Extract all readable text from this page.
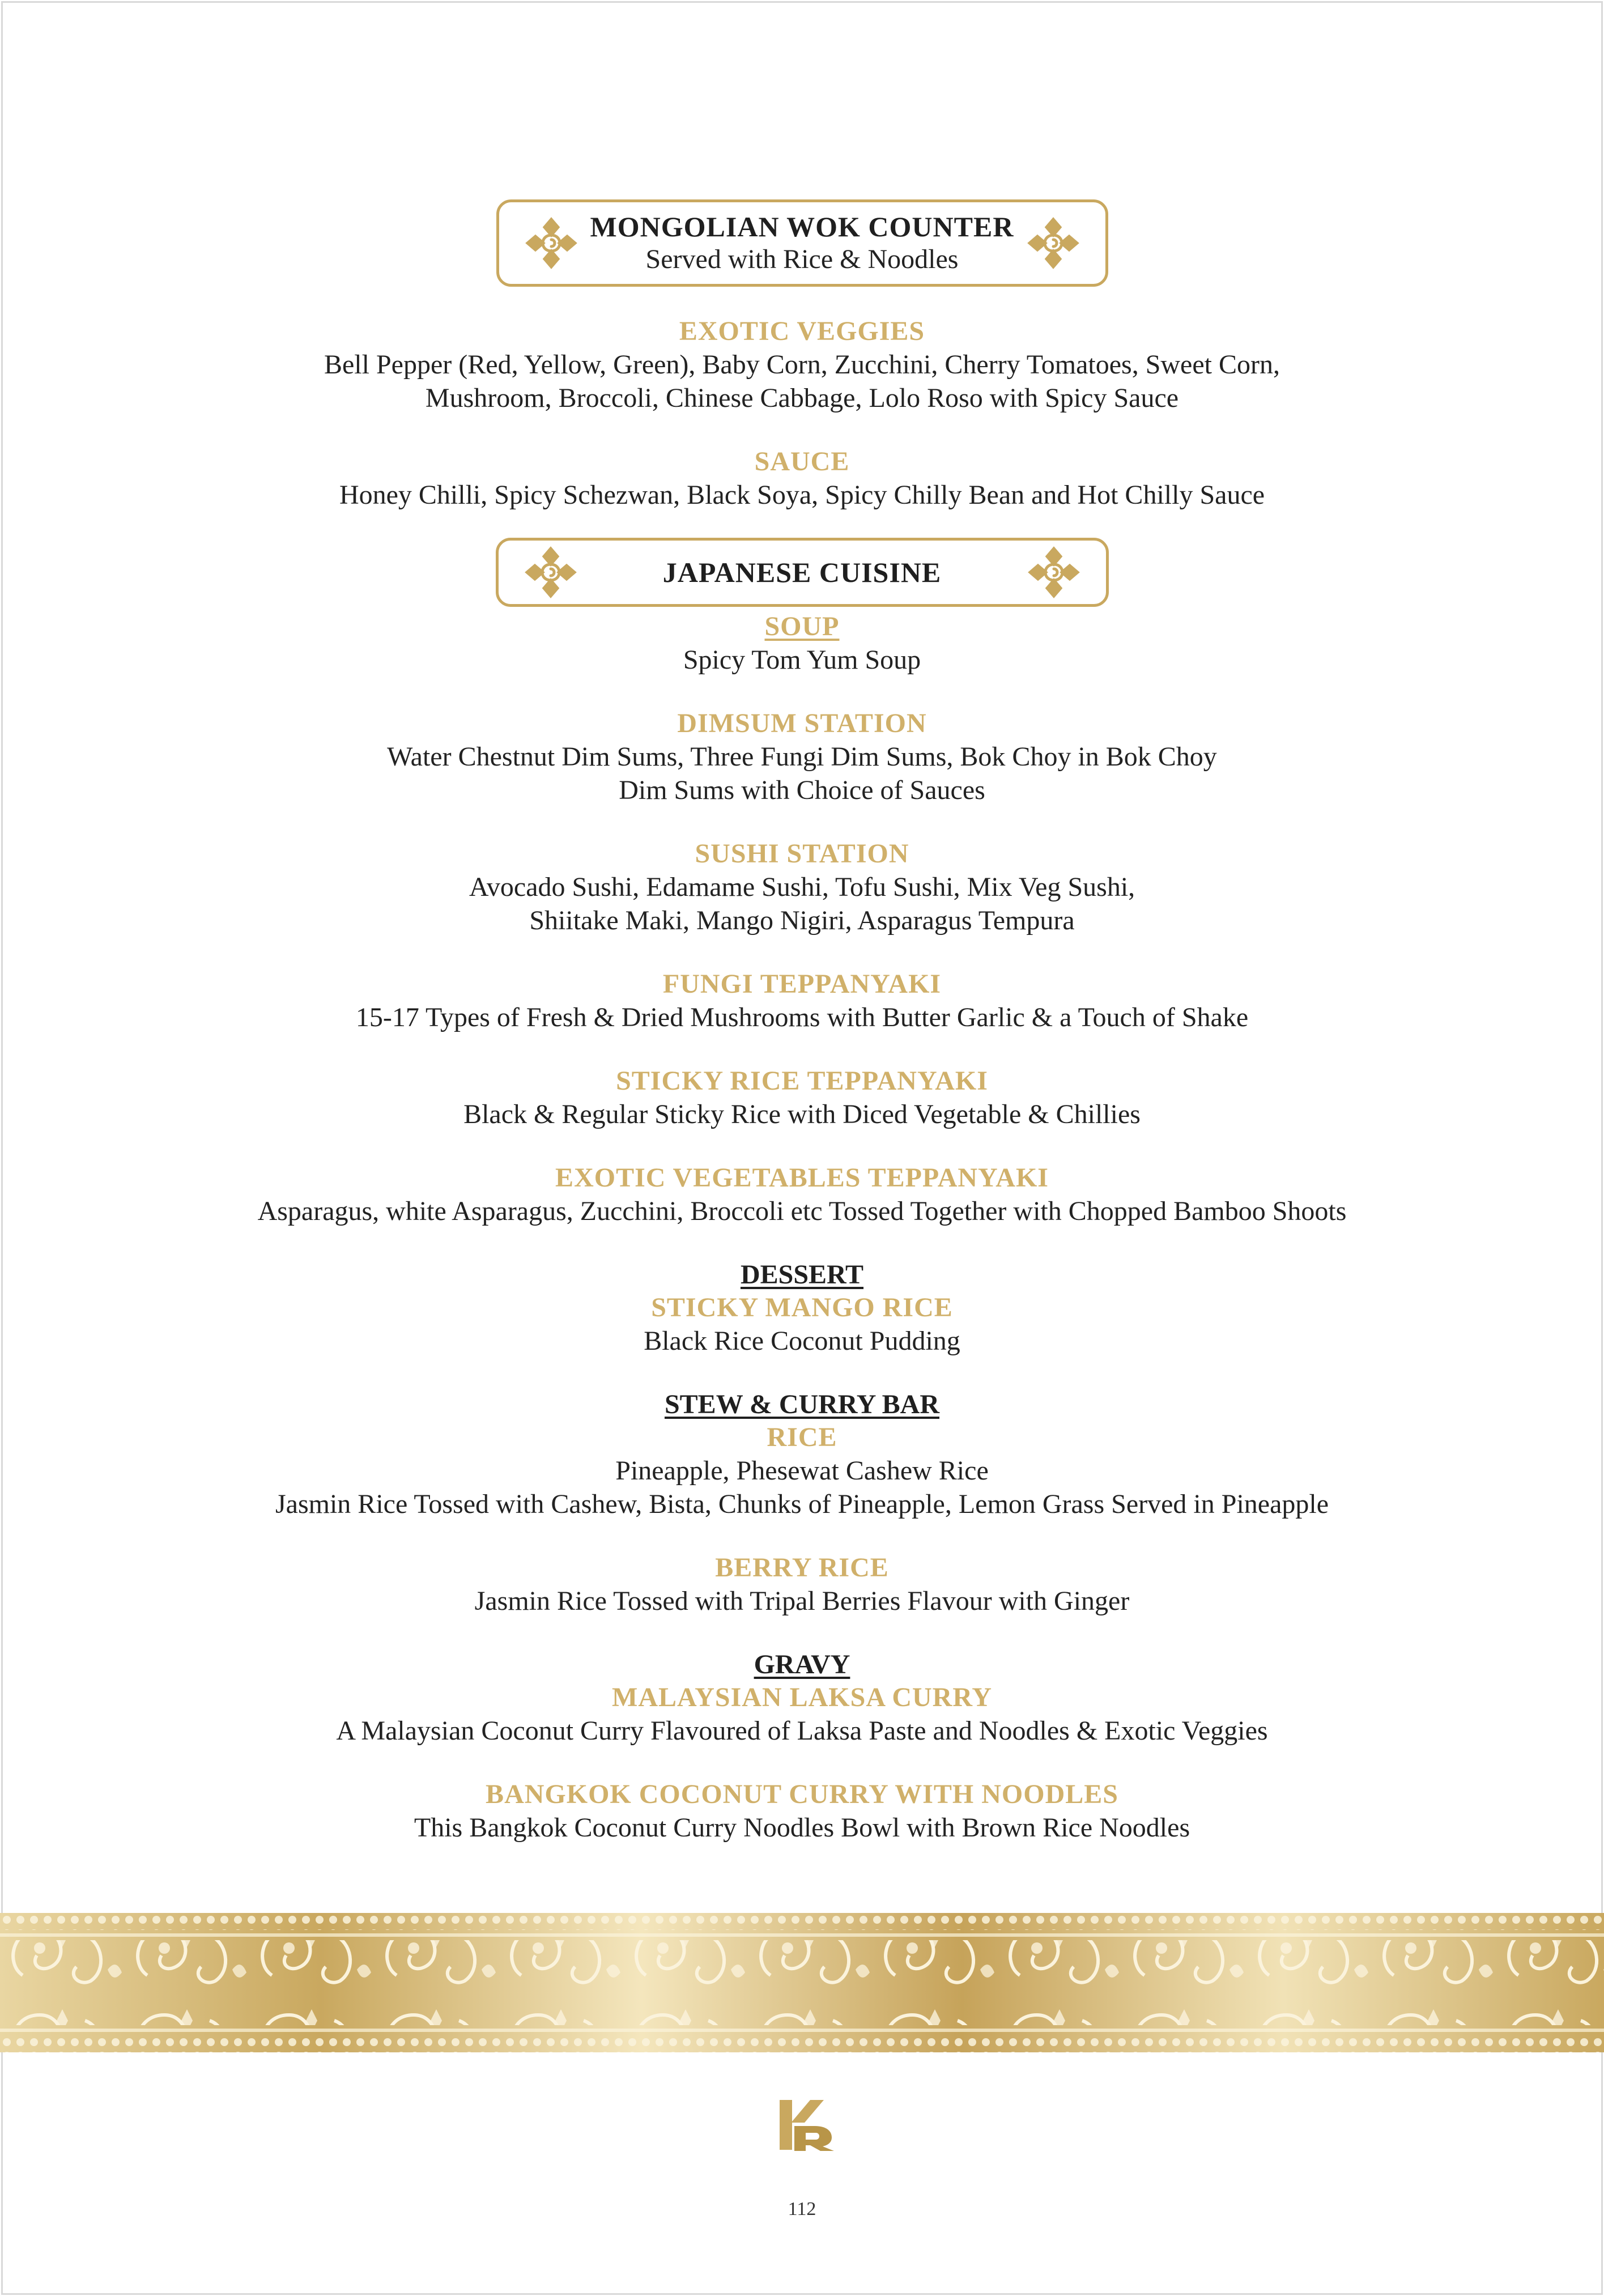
MONGOLIAN WOK COUNTER
Served with Rice & Noodles
EXOTIC VEGGIES
Bell Pepper (Red, Yellow, Green), Baby Corn, Zucchini, Cherry Tomatoes, Sweet Corn,
Mushroom, Broccoli, Chinese Cabbage, Lolo Roso with Spicy Sauce
SAUCE
Honey Chilli, Spicy Schezwan, Black Soya, Spicy Chilly Bean and Hot Chilly Sauce
JAPANESE CUISINE
SOUP
Spicy Tom Yum Soup
DIMSUM STATION
Water Chestnut Dim Sums, Three Fungi Dim Sums, Bok Choy in Bok Choy
Dim Sums with Choice of Sauces
SUSHI STATION
Avocado Sushi, Edamame Sushi, Tofu Sushi, Mix Veg Sushi,
Shiitake Maki, Mango Nigiri, Asparagus Tempura
FUNGI TEPPANYAKI
15-17 Types of Fresh & Dried Mushrooms with Butter Garlic & a Touch of Shake
STICKY RICE TEPPANYAKI
Black & Regular Sticky Rice with Diced Vegetable & Chillies
EXOTIC VEGETABLES TEPPANYAKI
Asparagus, white Asparagus, Zucchini, Broccoli etc Tossed Together with Chopped Bamboo Shoots
DESSERT
STICKY MANGO RICE
Black Rice Coconut Pudding
STEW & CURRY BAR
RICE
Pineapple, Phesewat Cashew Rice
Jasmin Rice Tossed with Cashew, Bista, Chunks of Pineapple, Lemon Grass Served in Pineapple
BERRY RICE
Jasmin Rice Tossed with Tripal Berries Flavour with Ginger
GRAVY
MALAYSIAN LAKSA CURRY
A Malaysian Coconut Curry Flavoured of Laksa Paste and Noodles & Exotic Veggies
BANGKOK COCONUT CURRY WITH NOODLES
This Bangkok Coconut Curry Noodles Bowl with Brown Rice Noodles
112
